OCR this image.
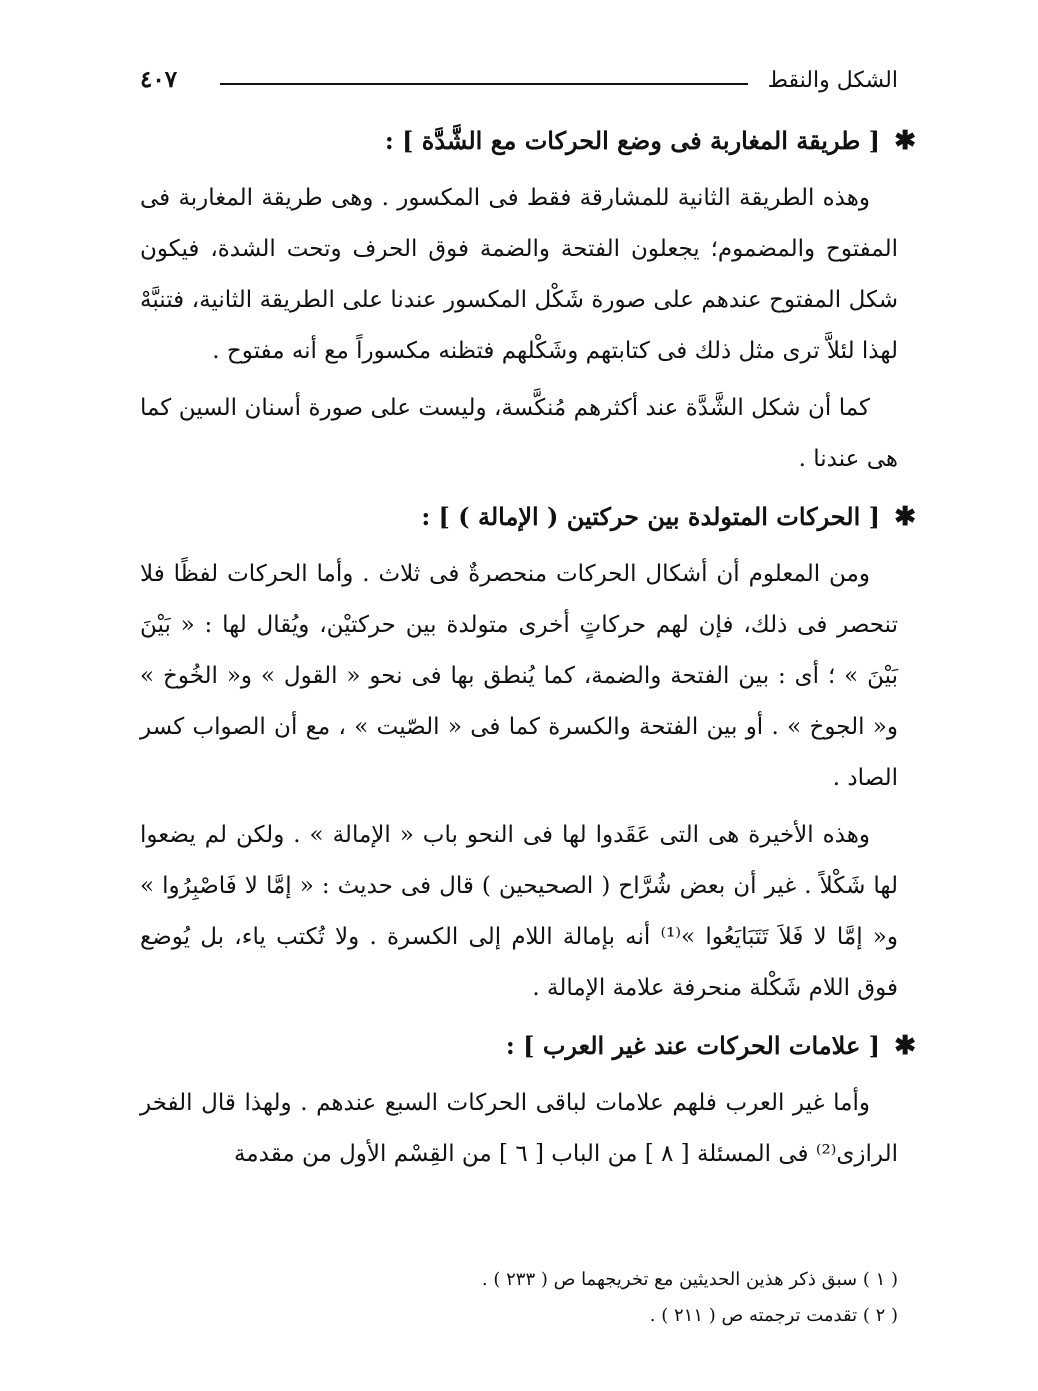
الشكل والنقط
٤٠٧
✱
[ طريقة المغاربة فى وضع الحركات مع الشَّدَّة ] :

وهذه الطريقة الثانية للمشارقة فقط فى المكسور . وهى طريقة المغاربة فى المفتوح والمضموم؛ يجعلون الفتحة والضمة فوق الحرف وتحت الشدة، فيكون شكل المفتوح عندهم على صورة شَكْل المكسور عندنا على الطريقة الثانية، فتنبَّهْ لهذا لئلاَّ ترى مثل ذلك فى كتابتهم وشَكْلهم فتظنه مكسوراً مع أنه مفتوح .

كما أن شكل الشَّدَّة عند أكثرهم مُنكَّسة، وليست على صورة أسنان السين كما هى عندنا .

✱
[ الحركات المتولدة بين حركتين ( الإمالة ) ] :

ومن المعلوم أن أشكال الحركات منحصرةٌ فى ثلاث . وأما الحركات لفظًا فلا تنحصر فى ذلك، فإن لهم حركاتٍ أخرى متولدة بين حركتيْن، ويُقال لها : « بَيْنَ بَيْنَ » ؛ أى : بين الفتحة والضمة، كما يُنطق بها فى نحو « القول » و« الخُوخ » و« الجوخ » . أو بين الفتحة والكسرة كما فى « الصّيت » ، مع أن الصواب كسر الصاد .

وهذه الأخيرة هى التى عَقَدوا لها فى النحو باب « الإمالة » . ولكن لم يضعوا لها شَكْلاً . غير أن بعض شُرَّاح ( الصحيحين ) قال فى حديث : « إمَّا لا فَاصْبِرُوا » و« إمَّا لا فَلاَ تَتَبَايَعُوا »⁽¹⁾ أنه بإمالة اللام إلى الكسرة . ولا تُكتب ياء، بل يُوضع فوق اللام شَكْلة منحرفة علامة الإمالة .

✱
[ علامات الحركات عند غير العرب ] :

وأما غير العرب فلهم علامات لباقى الحركات السبع عندهم . ولهذا قال الفخر الرازى⁽²⁾ فى المسئلة [ ٨ ] من الباب [ ٦ ] من القِسْم الأول من مقدمة

( ١ ) سبق ذكر هذين الحديثين مع تخريجهما ص ( ٢٣٣ ) .

( ٢ ) تقدمت ترجمته ص ( ٢١١ ) .
